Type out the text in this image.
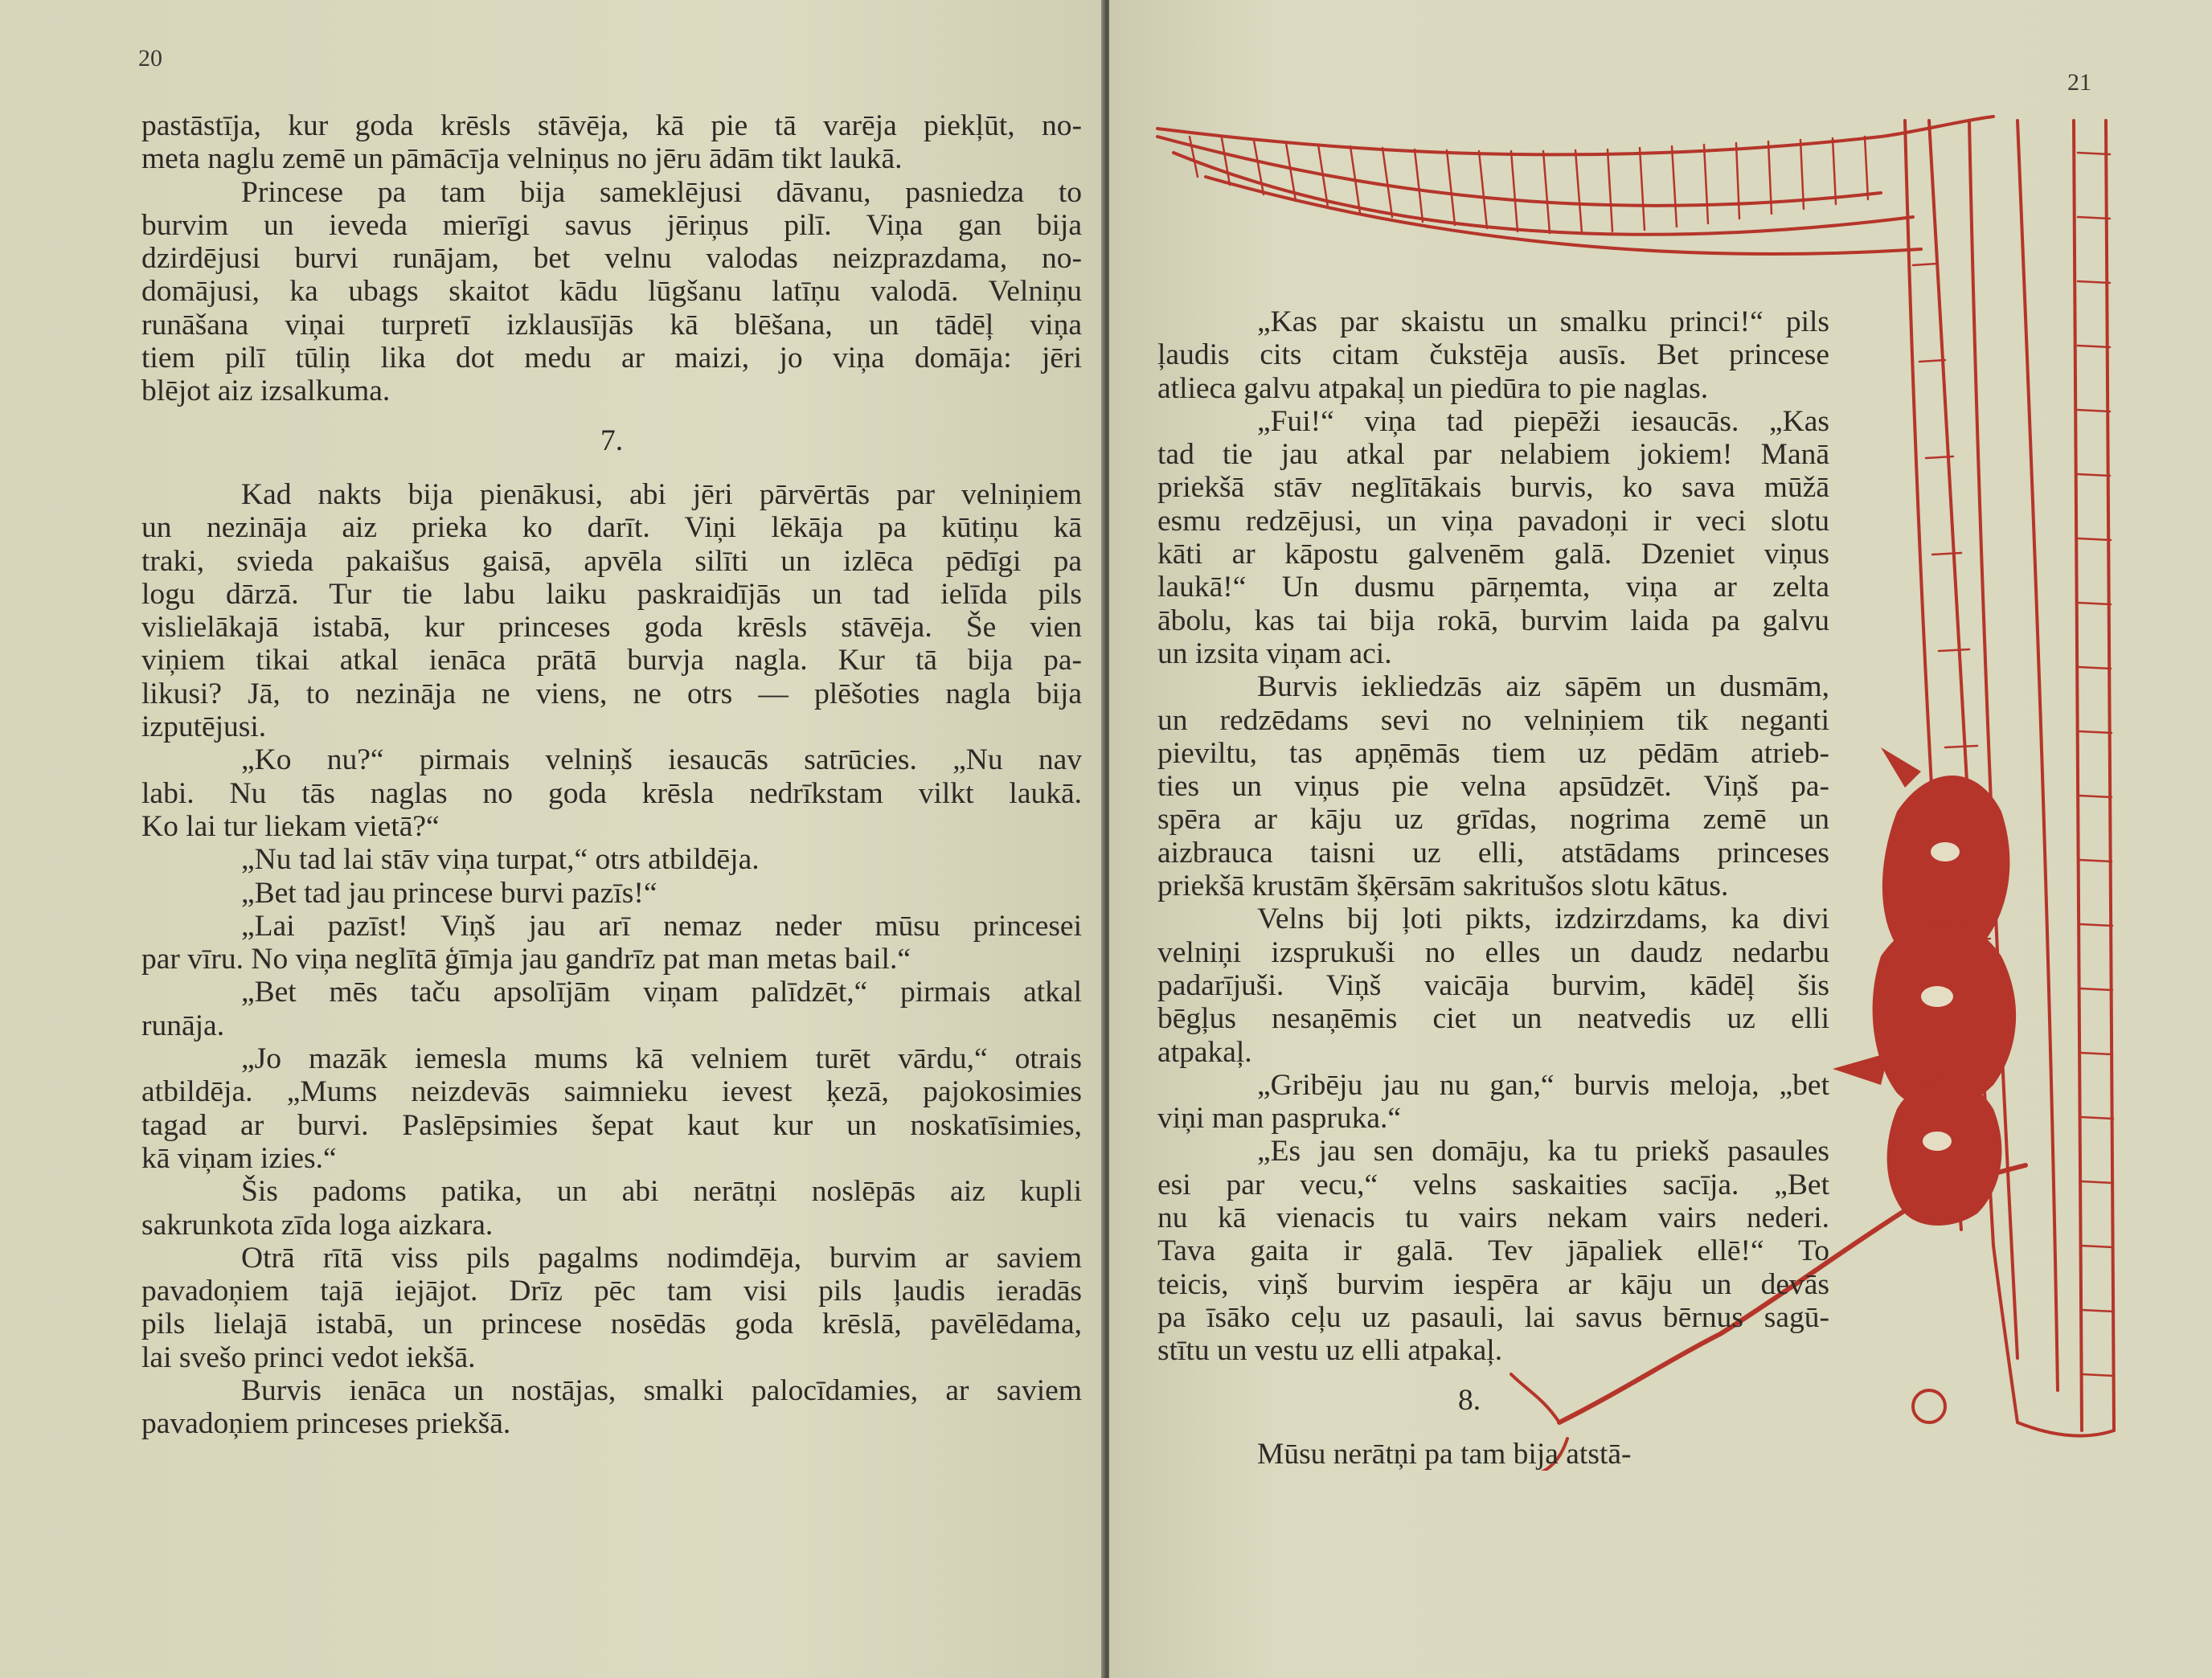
20

pastāstīja, kur goda krēsls stāvēja, kā pie tā varēja piekļūt, no-
meta naglu zemē un pāmācīja velniņus no jēru ādām tikt laukā.

Princese pa tam bija sameklējusi dāvanu, pasniedza to
burvim un ieveda mierīgi savus jēriņus pilī. Viņa gan bija
dzirdējusi burvi runājam, bet velnu valodas neizprazdama, no-
domājusi, ka ubags skaitot kādu lūgšanu latīņu valodā. Velniņu
runāšana viņai turpretī izklausījās kā blēšana, un tādēļ viņa
tiem pilī tūliņ lika dot medu ar maizi, jo viņa domāja: jēri
blējot aiz izsalkuma.

7.

Kad nakts bija pienākusi, abi jēri pārvērtās par velniņiem
un nezināja aiz prieka ko darīt. Viņi lēkāja pa kūtiņu kā
traki, svieda pakaišus gaisā, apvēla silīti un izlēca pēdīgi pa
logu dārzā. Tur tie labu laiku paskraidījās un tad ielīda pils
vislielākajā istabā, kur princeses goda krēsls stāvēja. Še vien
viņiem tikai atkal ienāca prātā burvja nagla. Kur tā bija pa-
likusi? Jā, to nezināja ne viens, ne otrs — plēšoties nagla bija
izputējusi.

„Ko nu?“ pirmais velniņš iesaucās satrūcies. „Nu nav
labi. Nu tās naglas no goda krēsla nedrīkstam vilkt laukā.
Ko lai tur liekam vietā?“

„Nu tad lai stāv viņa turpat,“ otrs atbildēja.

„Bet tad jau princese burvi pazīs!“

„Lai pazīst! Viņš jau arī nemaz neder mūsu princesei
par vīru. No viņa neglītā ģīmja jau gandrīz pat man metas bail.“

„Bet mēs taču apsolījām viņam palīdzēt,“ pirmais atkal
runāja.

„Jo mazāk iemesla mums kā velniem turēt vārdu,“ otrais
atbildēja. „Mums neizdevās saimnieku ievest ķezā, pajokosimies
tagad ar burvi. Paslēpsimies šepat kaut kur un noskatīsimies,
kā viņam izies.“

Šis padoms patika, un abi nerātņi noslēpās aiz kupli
sakrunkota zīda loga aizkara.

Otrā rītā viss pils pagalms nodimdēja, burvim ar saviem
pavadoņiem tajā iejājot. Drīz pēc tam visi pils ļaudis ieradās
pils lielajā istabā, un princese nosēdās goda krēslā, pavēlēdama,
lai svešo princi vedot iekšā.

Burvis ienāca un nostājas, smalki palocīdamies, ar saviem
pavadoņiem princeses priekšā.

21

„Kas par skaistu un smalku princi!“ pils
ļaudis cits citam čukstēja ausīs. Bet princese
atlieca galvu atpakaļ un piedūra to pie naglas.

„Fui!“ viņa tad piepēži iesaucās. „Kas
tad tie jau atkal par nelabiem jokiem! Manā
priekšā stāv neglītākais burvis, ko sava mūžā
esmu redzējusi, un viņa pavadoņi ir veci slotu
kāti ar kāpostu galvenēm galā. Dzeniet viņus
laukā!“ Un dusmu pārņemta, viņa ar zelta
ābolu, kas tai bija rokā, burvim laida pa galvu
un izsita viņam aci.

Burvis iekliedzās aiz sāpēm un dusmām,
un redzēdams sevi no velniņiem tik neganti
pieviltu, tas apņēmās tiem uz pēdām atrieb-
ties un viņus pie velna apsūdzēt. Viņš pa-
spēra ar kāju uz grīdas, nogrima zemē un
aizbrauca taisni uz elli, atstādams princeses
priekšā krustām šķērsām sakritušos slotu kātus.

Velns bij ļoti pikts, izdzirzdams, ka divi
velniņi izsprukuši no elles un daudz nedarbu
padarījuši. Viņš vaicāja burvim, kādēļ šis
bēgļus nesaņēmis ciet un neatvedis uz elli
atpakaļ.

„Gribēju jau nu gan,“ burvis meloja, „bet
viņi man paspruka.“

„Es jau sen domāju, ka tu priekš pasaules
esi par vecu,“ velns saskaities sacīja. „Bet
nu kā vienacis tu vairs nekam vairs nederi.
Tava gaita ir galā. Tev jāpaliek ellē!“ To
teicis, viņš burvim iespēra ar kāju un devās
pa īsāko ceļu uz pasauli, lai savus bērnus sagū-
stītu un vestu uz elli atpakaļ.

8.

Mūsu nerātņi pa tam bija atstā-
